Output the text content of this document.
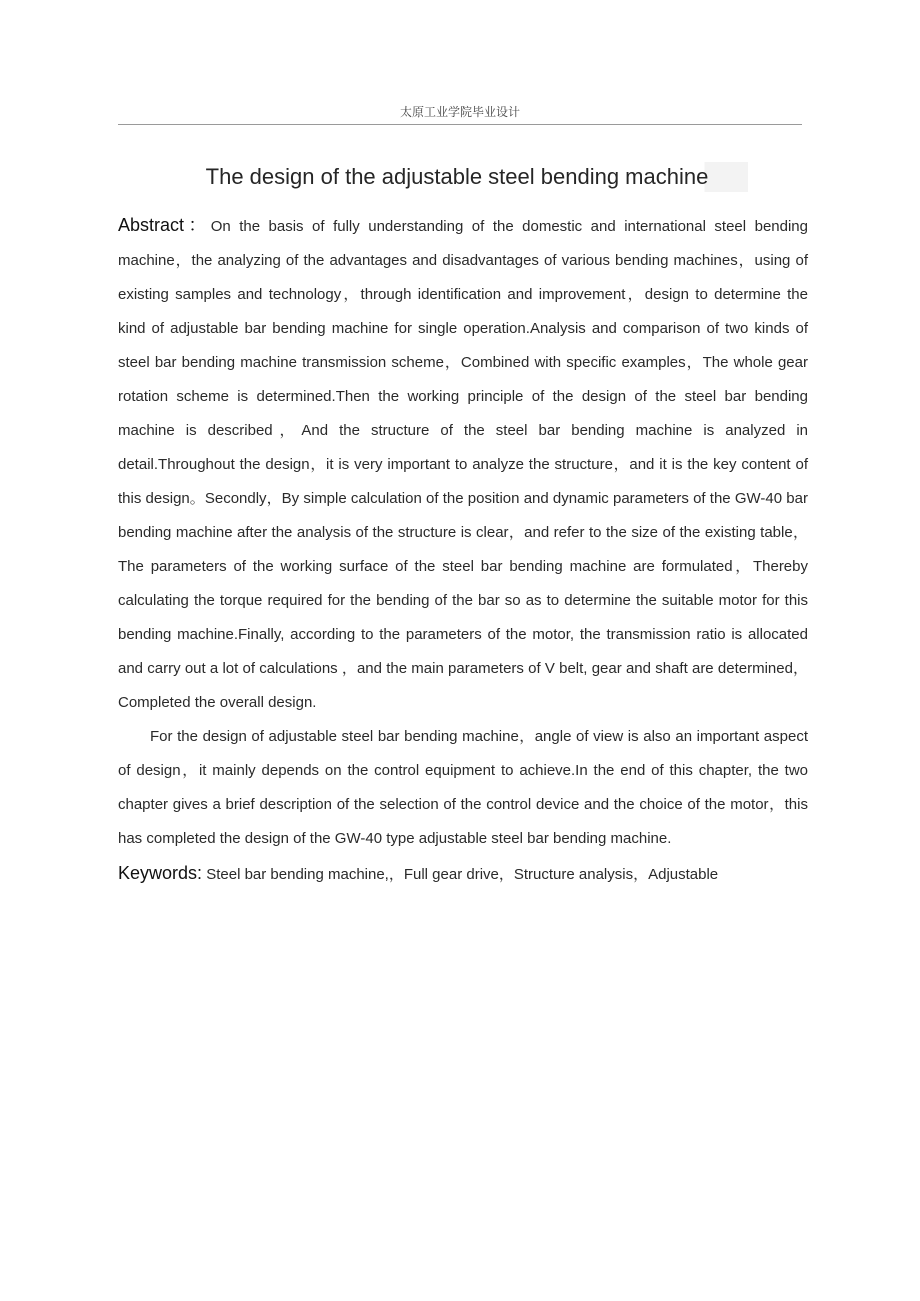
太原工业学院毕业设计
The design of the adjustable steel bending machine

Abstract：On the basis of fully understanding of the domestic and international steel bending machine，the analyzing of the advantages and disadvantages of various bending machines，using of existing samples and technology，through identification and improvement，design to determine the kind of adjustable bar bending machine for single operation.Analysis and comparison of two kinds of steel bar bending machine transmission scheme，Combined with specific examples，The whole gear rotation scheme is determined.Then the working principle of the design of the steel bar bending machine is described，And the structure of the steel bar bending machine is analyzed in detail.Throughout the design，it is very important to analyze the structure，and it is the key content of this design。Secondly，By simple calculation of the position and dynamic parameters of the GW-40 bar bending machine after the analysis of the structure is clear，and refer to the size of the existing table，The parameters of the working surface of the steel bar bending machine are formulated，Thereby calculating the torque required for the bending of the bar so as to determine the suitable motor for this bending machine.Finally, according to the parameters of the motor, the transmission ratio is allocated and carry out a lot of calculations ，and the main parameters of V belt, gear and shaft are determined，Completed the overall design.

For the design of adjustable steel bar bending machine，angle of view is also an important aspect of design，it mainly depends on the control equipment to achieve.In the end of this chapter, the two chapter gives a brief description of the selection of the control device and the choice of the motor，this has completed the design of the GW-40 type adjustable steel bar bending machine.

Keywords: Steel bar bending machine,，Full gear drive，Structure analysis，Adjustable
